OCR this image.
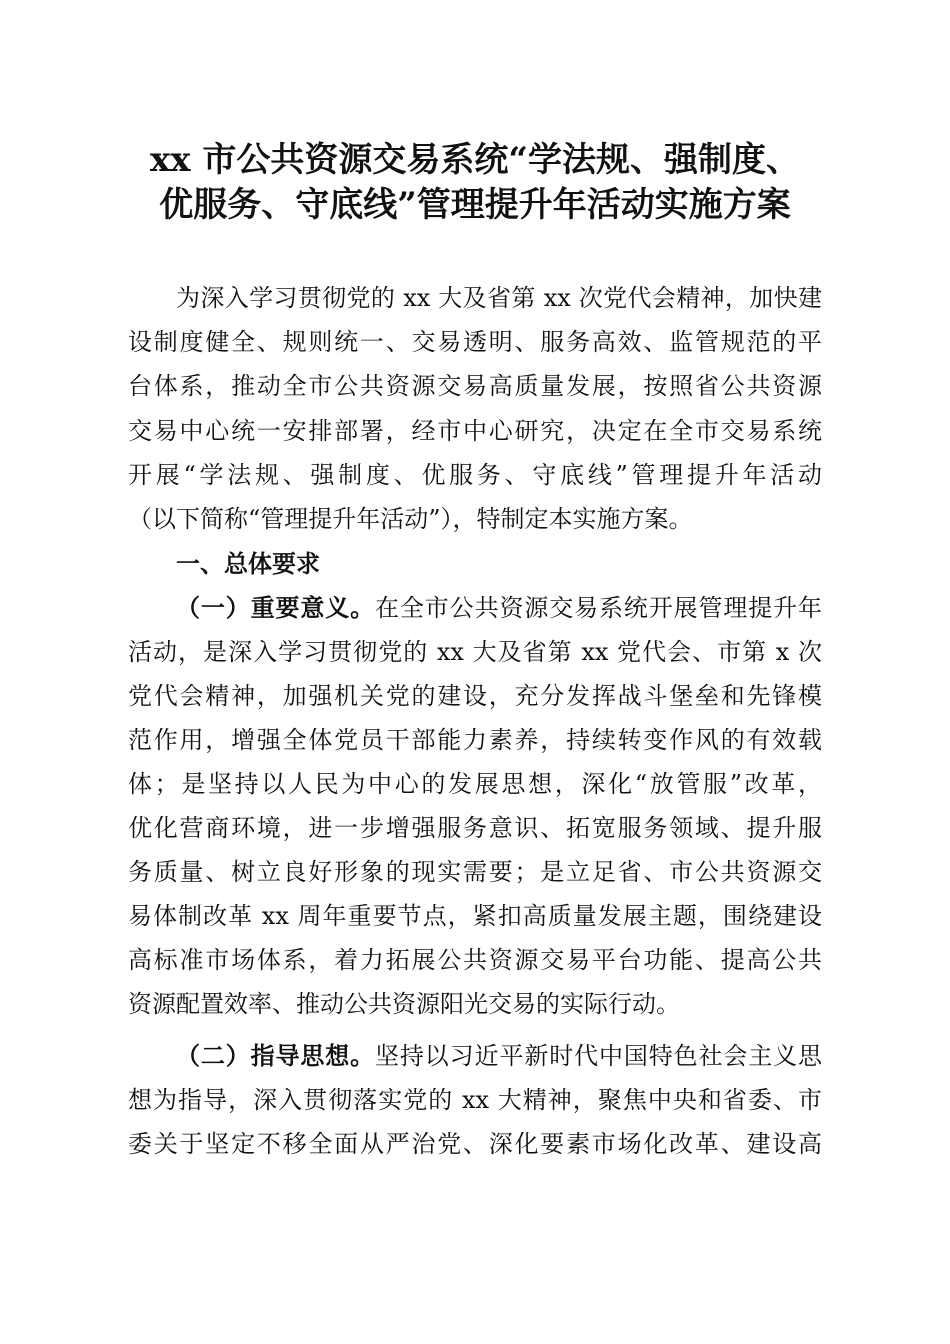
xx 市公共资源交易系统“学法规、强制度、
优服务、守底线”管理提升年活动实施方案
为深入学习贯彻党的 xx 大及省第 xx 次党代会精神，加快建
设制度健全、规则统一、交易透明、服务高效、监管规范的平
台体系，推动全市公共资源交易高质量发展，按照省公共资源
交易中心统一安排部署，经市中心研究，决定在全市交易系统
开展“学法规、强制度、优服务、守底线”管理提升年活动
（以下简称“管理提升年活动”），特制定本实施方案。
一、总体要求
（一）重要意义。在全市公共资源交易系统开展管理提升年
活动，是深入学习贯彻党的 xx 大及省第 xx 党代会、市第 x 次
党代会精神，加强机关党的建设，充分发挥战斗堡垒和先锋模
范作用，增强全体党员干部能力素养，持续转变作风的有效载
体；是坚持以人民为中心的发展思想，深化“放管服”改革，
优化营商环境，进一步增强服务意识、拓宽服务领域、提升服
务质量、树立良好形象的现实需要；是立足省、市公共资源交
易体制改革 xx 周年重要节点，紧扣高质量发展主题，围绕建设
高标准市场体系，着力拓展公共资源交易平台功能、提高公共
资源配置效率、推动公共资源阳光交易的实际行动。
（二）指导思想。坚持以习近平新时代中国特色社会主义思
想为指导，深入贯彻落实党的 xx 大精神，聚焦中央和省委、市
委关于坚定不移全面从严治党、深化要素市场化改革、建设高
